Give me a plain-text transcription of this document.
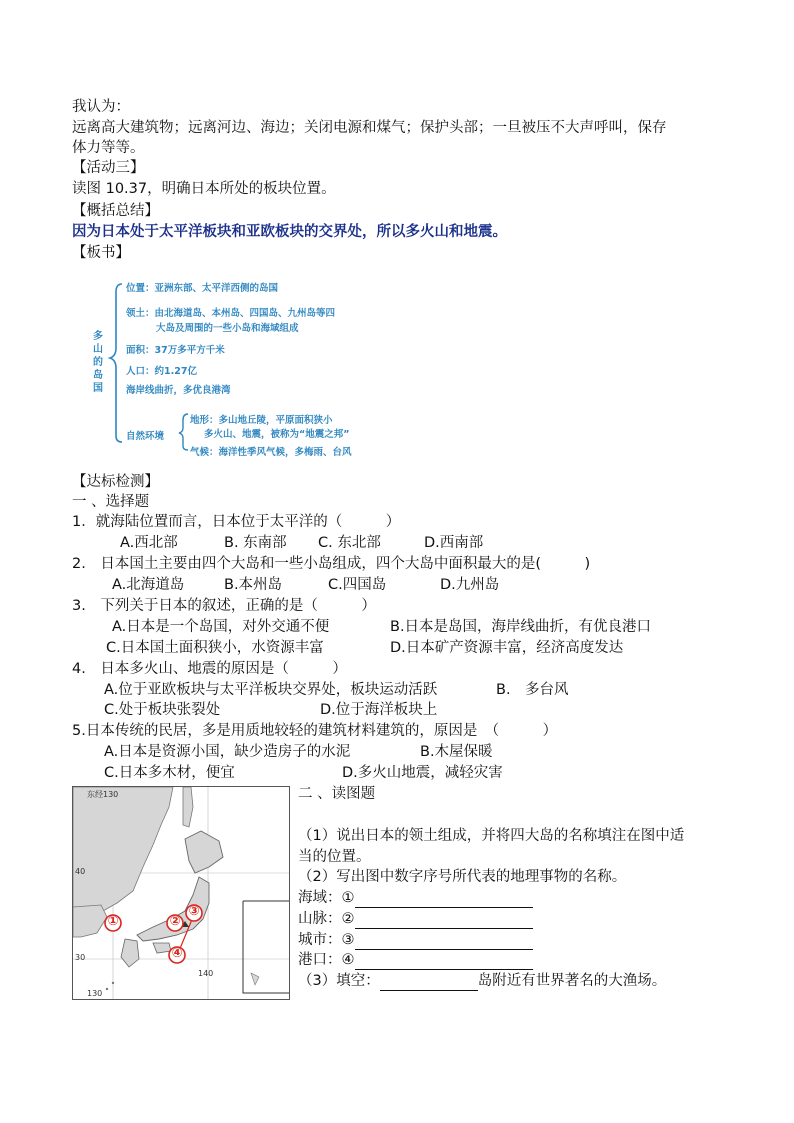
我认为：
远离高大建筑物；远离河边、海边；关闭电源和煤气；保护头部；一旦被压不大声呼叫，保存
体力等等。
【活动三】
读图 10.37，明确日本所处的板块位置。
【概括总结】
因为日本处于太平洋板块和亚欧板块的交界处，所以多火山和地震。
【板书】
多
山
的
岛
国
位置：亚洲东部、太平洋西侧的岛国
领土：由北海道岛、本州岛、四国岛、九州岛等四
大岛及周围的一些小岛和海域组成
面积：37万多平方千米
人口：约1.27亿
海岸线曲折，多优良港湾
自然环境
地形：多山地丘陵，平原面积狭小
多火山、地震，被称为“地震之邦”
气候：海洋性季风气候，多梅雨、台风
【达标检测】
一 、选择题
1．就海陆位置而言，日本位于太平洋的（　　　）
A.西北部	B. 东南部 C. 东北部	D.西南部
2.　日本国土主要由四个大岛和一些小岛组成，四个大岛中面积最大的是(　　　)
A.北海道岛	B.本州岛	C.四国岛	D.九州岛
3.　下列关于日本的叙述，正确的是（　　　）
A.日本是一个岛国，对外交通不便	B.日本是岛国，海岸线曲折，有优良港口
C.日本国土面积狭小，水资源丰富	D.日本矿产资源丰富，经济高度发达
4.　日本多火山、地震的原因是（　　　）
A.位于亚欧板块与太平洋板块交界处，板块运动活跃	B.　多台风
C.处于板块张裂处	D.位于海洋板块上
5.日本传统的民居，多是用质地较轻的建筑材料建筑的，原因是　（　　　）
A.日本是资源小国，缺少造房子的水泥	B.木屋保暖
C.日本多木材，便宜	D.多火山地震，减轻灾害
东经130
40
30
140
130
①	②
③
④
二 、读图题
（1）说出日本的领土组成，并将四大岛的名称填注在图中适
当的位置。
（2）写出图中数字序号所代表的地理事物的名称。
海域：①
山脉：②
城市：③
港口：④
（3）填空：	岛附近有世界著名的大渔场。
